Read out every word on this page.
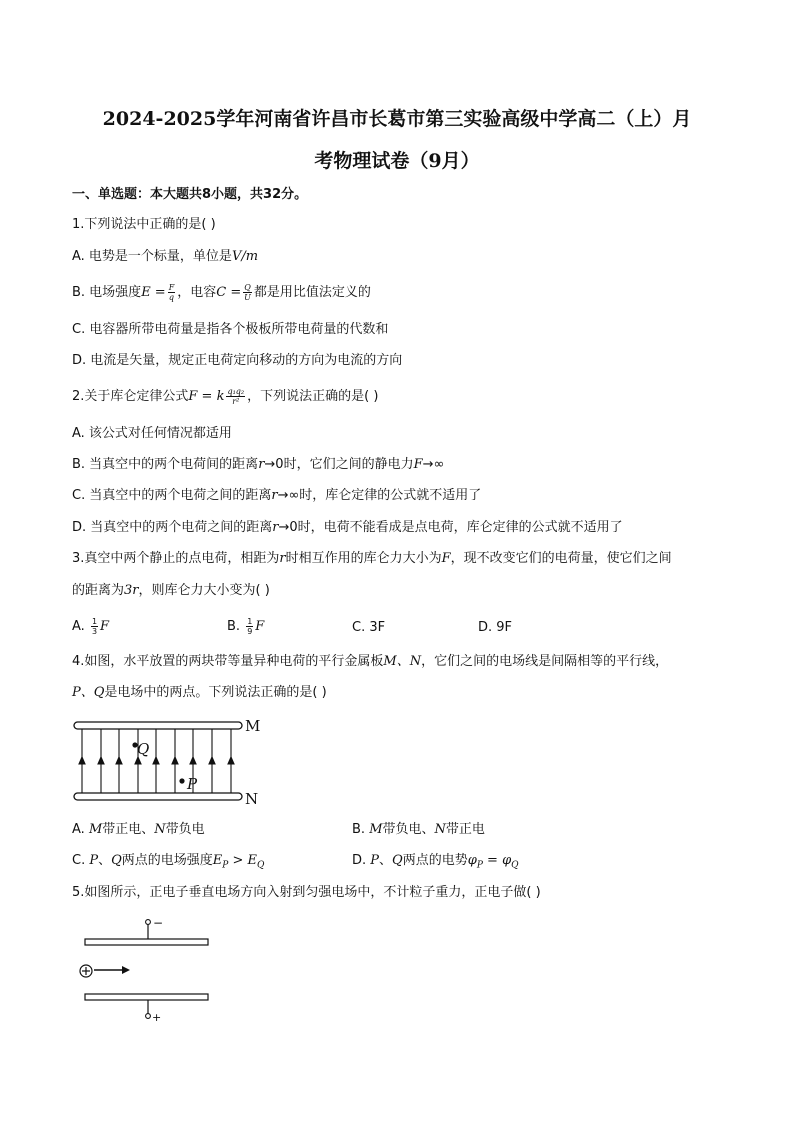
2024-2025学年河南省许昌市长葛市第三实验高级中学高二（上）月
考物理试卷（9月）
一、单选题：本大题共8小题，共32分。
1.下列说法中正确的是( )
A. 电势是一个标量，单位是V/m
B. 电场强度$E = \frac{F}{q}$ ，电容$C = \frac{Q}{U}$ 都是用比值法定义的
C. 电容器所带电荷量是指各个极板所带电荷量的代数和
D. 电流是矢量，规定正电荷定向移动的方向为电流的方向
2.关于库仑定律公式F = k $\frac{\text{q₁q₂}}{\text{r²}}$ ，下列说法正确的是( )
A. 该公式对任何情况都适用
B. 当真空中的两个电荷间的距离r→0时，它们之间的静电力F→∞
C. 当真空中的两个电荷之间的距离r→∞时，库仑定律的公式就不适用了
D. 当真空中的两个电荷之间的距离r→0时，电荷不能看成是点电荷，库仑定律的公式就不适用了
3.真空中两个静止的点电荷，相距为r时相互作用的库仑力大小为F，现不改变它们的电荷量，使它们之间
的距离为3r，则库仑力大小变为( )
A. $\frac{1}{3}$ F	B. $\frac{1}{9}$ F	C. 3F	D. 9F
4.如图，水平放置的两块带等量异种电荷的平行金属板M、N，它们之间的电场线是间隔相等的平行线，
P、Q是电场中的两点。下列说法正确的是( )
Q
P
M
N
A. M带正电、N带负电	B. M带负电、N带正电
C. P、Q两点的电场强度$E_P > E_Q$	D. P、Q两点的电势$\varphi_P = \varphi_Q$
5.如图所示，正电子垂直电场方向入射到匀强电场中，不计粒子重力，正电子做( )
−
+
